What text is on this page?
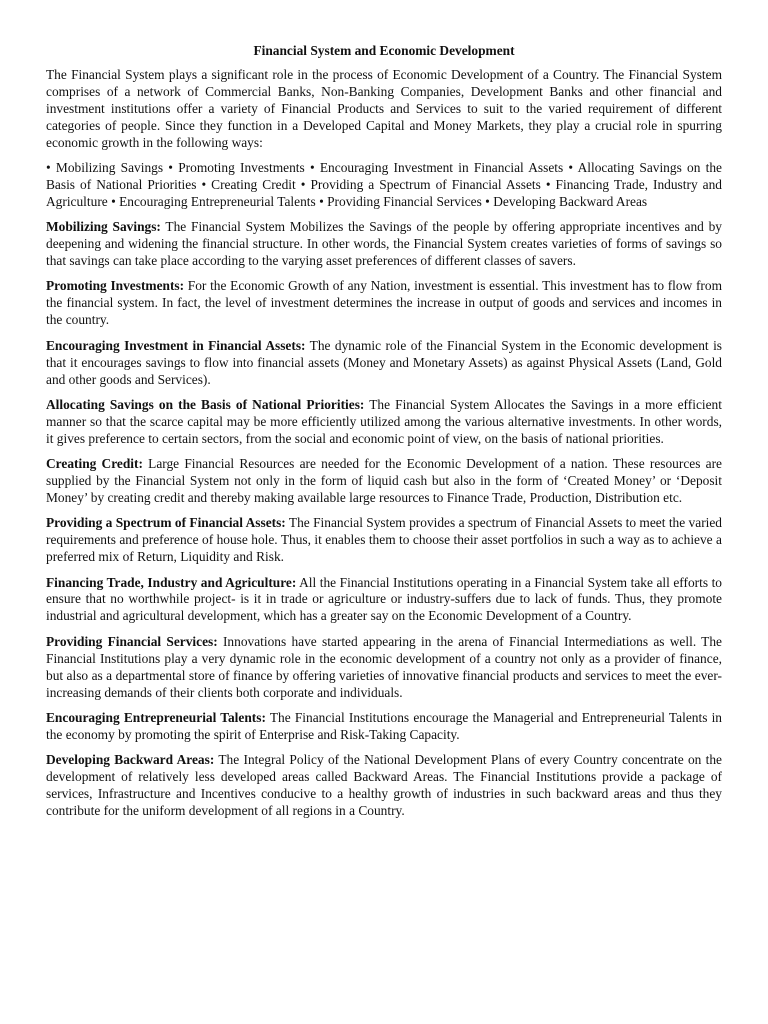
Financial System and Economic Development

The Financial System plays a significant role in the process of Economic Development of a Country. The Financial System comprises of a network of Commercial Banks, Non-Banking Companies, Development Banks and other financial and investment institutions offer a variety of Financial Products and Services to suit to the varied requirement of different categories of people. Since they function in a Developed Capital and Money Markets, they play a crucial role in spurring economic growth in the following ways:

• Mobilizing Savings • Promoting Investments • Encouraging Investment in Financial Assets • Allocating Savings on the Basis of National Priorities • Creating Credit • Providing a Spectrum of Financial Assets • Financing Trade, Industry and Agriculture • Encouraging Entrepreneurial Talents • Providing Financial Services • Developing Backward Areas

Mobilizing Savings: The Financial System Mobilizes the Savings of the people by offering appropriate incentives and by deepening and widening the financial structure. In other words, the Financial System creates varieties of forms of savings so that savings can take place according to the varying asset preferences of different classes of savers.

Promoting Investments: For the Economic Growth of any Nation, investment is essential. This investment has to flow from the financial system. In fact, the level of investment determines the increase in output of goods and services and incomes in the country.

Encouraging Investment in Financial Assets: The dynamic role of the Financial System in the Economic development is that it encourages savings to flow into financial assets (Money and Monetary Assets) as against Physical Assets (Land, Gold and other goods and Services).

Allocating Savings on the Basis of National Priorities: The Financial System Allocates the Savings in a more efficient manner so that the scarce capital may be more efficiently utilized among the various alternative investments. In other words, it gives preference to certain sectors, from the social and economic point of view, on the basis of national priorities.

Creating Credit: Large Financial Resources are needed for the Economic Development of a nation. These resources are supplied by the Financial System not only in the form of liquid cash but also in the form of ‘Created Money’ or ‘Deposit Money’ by creating credit and thereby making available large resources to Finance Trade, Production, Distribution etc.

Providing a Spectrum of Financial Assets: The Financial System provides a spectrum of Financial Assets to meet the varied requirements and preference of house hole. Thus, it enables them to choose their asset portfolios in such a way as to achieve a preferred mix of Return, Liquidity and Risk.

Financing Trade, Industry and Agriculture: All the Financial Institutions operating in a Financial System take all efforts to ensure that no worthwhile project- is it in trade or agriculture or industry-suffers due to lack of funds. Thus, they promote industrial and agricultural development, which has a greater say on the Economic Development of a Country.

Providing Financial Services: Innovations have started appearing in the arena of Financial Intermediations as well. The Financial Institutions play a very dynamic role in the economic development of a country not only as a provider of finance, but also as a departmental store of finance by offering varieties of innovative financial products and services to meet the ever-increasing demands of their clients both corporate and individuals.

Encouraging Entrepreneurial Talents: The Financial Institutions encourage the Managerial and Entrepreneurial Talents in the economy by promoting the spirit of Enterprise and Risk-Taking Capacity.

Developing Backward Areas: The Integral Policy of the National Development Plans of every Country concentrate on the development of relatively less developed areas called Backward Areas. The Financial Institutions provide a package of services, Infrastructure and Incentives conducive to a healthy growth of industries in such backward areas and thus they contribute for the uniform development of all regions in a Country.
